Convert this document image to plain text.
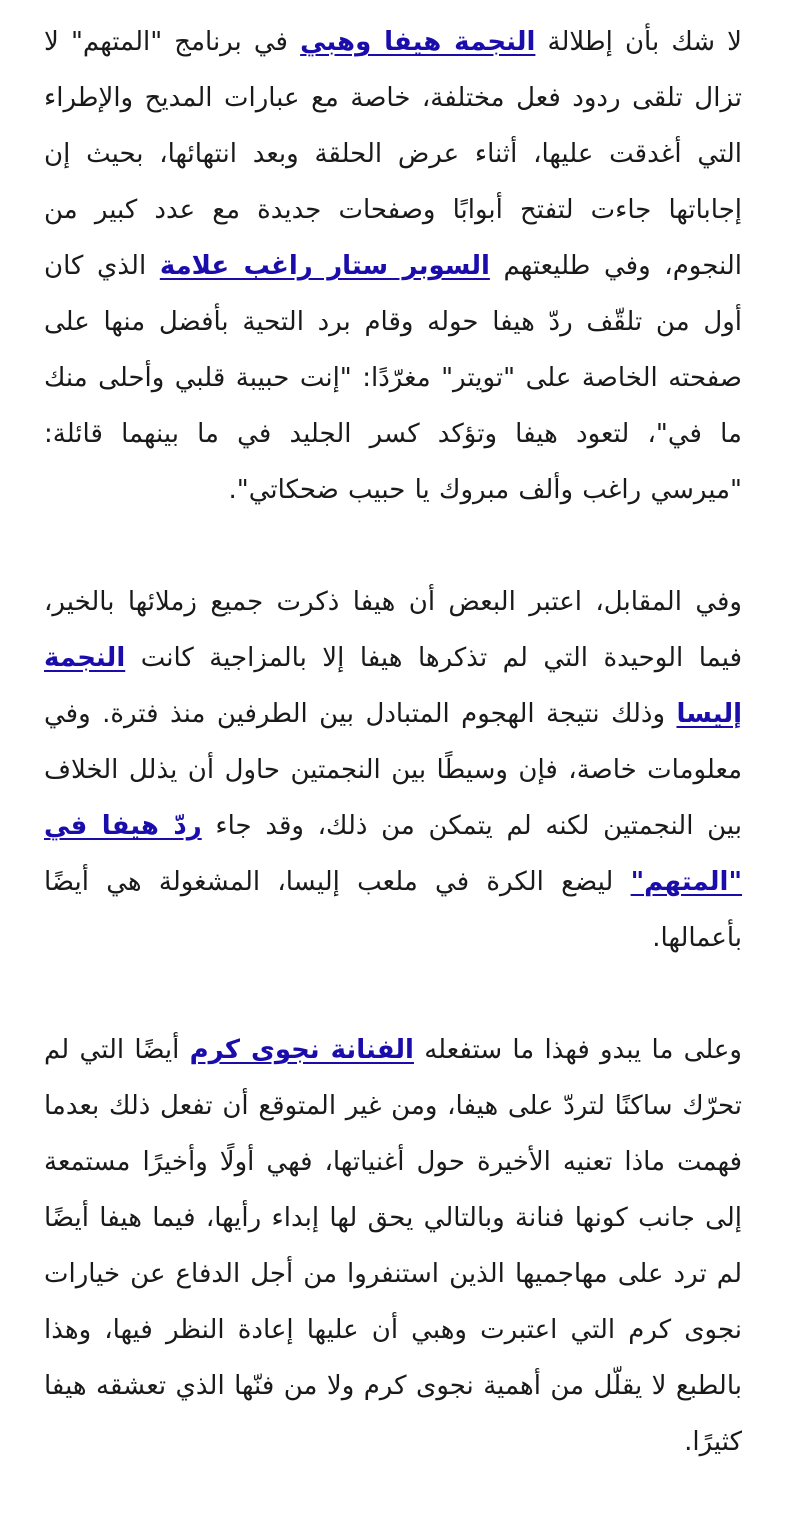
لا شك بأن إطلالة النجمة هيفا وهبي في برنامج "المتهم" لا تزال تلقى ردود فعل مختلفة، خاصة مع عبارات المديح والإطراء التي أغدقت عليها، أثناء عرض الحلقة وبعد انتهائها، بحيث إن إجاباتها جاءت لتفتح أبوابًا وصفحات جديدة مع عدد كبير من النجوم، وفي طليعتهم السوبر ستار راغب علامة الذي كان أول من تلقّف ردّ هيفا حوله وقام برد التحية بأفضل منها على صفحته الخاصة على "تويتر" مغرّدًا: "إنت حبيبة قلبي وأحلى منك ما في"، لتعود هيفا وتؤكد كسر الجليد في ما بينهما قائلة: "ميرسي راغب وألف مبروك يا حبيب ضحكاتي".

وفي المقابل، اعتبر البعض أن هيفا ذكرت جميع زملائها بالخير، فيما الوحيدة التي لم تذكرها هيفا إلا بالمزاجية كانت النجمة إليسا وذلك نتيجة الهجوم المتبادل بين الطرفين منذ فترة. وفي معلومات خاصة، فإن وسيطًا بين النجمتين حاول أن يذلل الخلاف بين النجمتين لكنه لم يتمكن من ذلك، وقد جاء ردّ هيفا في "المتهم" ليضع الكرة في ملعب إليسا، المشغولة هي أيضًا بأعمالها.

وعلى ما يبدو فهذا ما ستفعله الفنانة نجوى كرم أيضًا التي لم تحرّك ساكنًا لتردّ على هيفا، ومن غير المتوقع أن تفعل ذلك بعدما فهمت ماذا تعنيه الأخيرة حول أغنياتها، فهي أولًا وأخيرًا مستمعة إلى جانب كونها فنانة وبالتالي يحق لها إبداء رأيها، فيما هيفا أيضًا لم ترد على مهاجميها الذين استنفروا من أجل الدفاع عن خيارات نجوى كرم التي اعتبرت وهبي أن عليها إعادة النظر فيها، وهذا بالطبع لا يقلّل من أهمية نجوى كرم ولا من فنّها الذي تعشقه هيفا كثيرًا.
